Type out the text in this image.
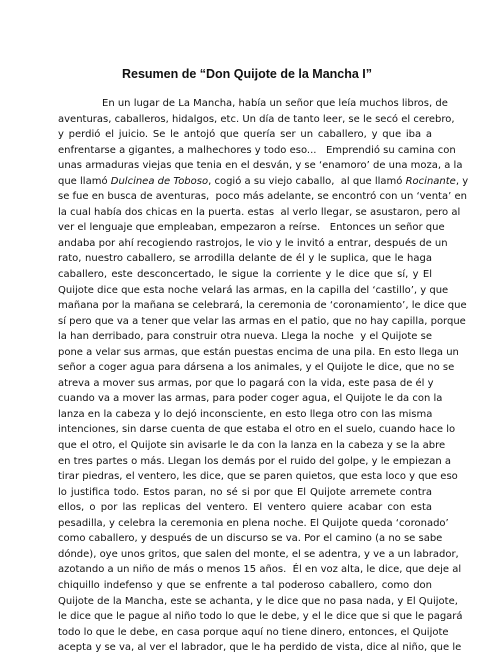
Resumen de “Don Quijote de la Mancha I”
En un lugar de La Mancha, había un señor que leía muchos libros, de
aventuras, caballeros, hidalgos, etc. Un día de tanto leer, se le secó el cerebro,
y perdió el juicio. Se le antojó que quería ser un caballero, y que iba a
enfrentarse a gigantes, a malhechores y todo eso...   Emprendió su camina con
unas armaduras viejas que tenia en el desván, y se ‘enamoro’ de una moza, a la
que llamó Dulcinea de Toboso, cogió a su viejo caballo,  al que llamó Rocinante, y
se fue en busca de aventuras,  poco más adelante, se encontró con un ‘venta’ en
la cual había dos chicas en la puerta. estas  al verlo llegar, se asustaron, pero al
ver el lenguaje que empleaban, empezaron a reírse.   Entonces un señor que
andaba por ahí recogiendo rastrojos, le vio y le invitó a entrar, después de un
rato, nuestro caballero, se arrodilla delante de él y le suplica, que le haga
caballero, este desconcertado, le sigue la corriente y le dice que sí, y El
Quijote dice que esta noche velará las armas, en la capilla del ‘castillo’, y que
mañana por la mañana se celebrará, la ceremonia de ‘coronamiento’, le dice que
sí pero que va a tener que velar las armas en el patio, que no hay capilla, porque
la han derribado, para construir otra nueva. Llega la noche  y el Quijote se
pone a velar sus armas, que están puestas encima de una pila. En esto llega un
señor a coger agua para dársena a los animales, y el Quijote le dice, que no se
atreva a mover sus armas, por que lo pagará con la vida, este pasa de él y
cuando va a mover las armas, para poder coger agua, el Quijote le da con la
lanza en la cabeza y lo dejó inconsciente, en esto llega otro con las misma
intenciones, sin darse cuenta de que estaba el otro en el suelo, cuando hace lo
que el otro, el Quijote sin avisarle le da con la lanza en la cabeza y se la abre
en tres partes o más. Llegan los demás por el ruido del golpe, y le empiezan a
tirar piedras, el ventero, les dice, que se paren quietos, que esta loco y que eso
lo justifica todo. Estos paran, no sé si por que El Quijote arremete contra
ellos, o por las replicas del ventero. El ventero quiere acabar con esta
pesadilla, y celebra la ceremonia en plena noche. El Quijote queda ‘coronado’
como caballero, y después de un discurso se va. Por el camino (a no se sabe
dónde), oye unos gritos, que salen del monte, el se adentra, y ve a un labrador,
azotando a un niño de más o menos 15 años.  Él en voz alta, le dice, que deje al
chiquillo indefenso y que se enfrente a tal poderoso caballero, como don
Quijote de la Mancha, este se achanta, y le dice que no pasa nada, y El Quijote,
le dice que le pague al niño todo lo que le debe, y el le dice que si que le pagará
todo lo que le debe, en casa porque aquí no tiene dinero, entonces, el Quijote
acepta y se va, al ver el labrador, que le ha perdido de vista, dice al niño, que le
